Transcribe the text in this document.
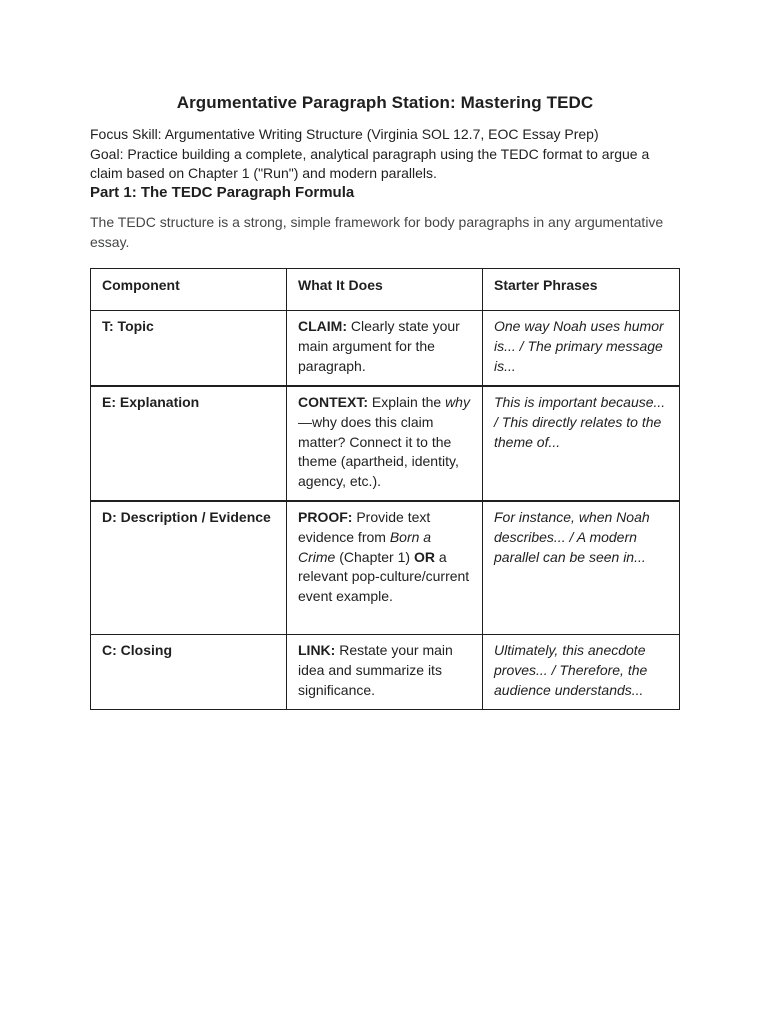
Argumentative Paragraph Station: Mastering TEDC
Focus Skill: Argumentative Writing Structure (Virginia SOL 12.7, EOC Essay Prep)
Goal: Practice building a complete, analytical paragraph using the TEDC format to argue a claim based on Chapter 1 ("Run") and modern parallels.
Part 1: The TEDC Paragraph Formula

The TEDC structure is a strong, simple framework for body paragraphs in any argumentative essay.

Component	What It Does	Starter Phrases
T: Topic	CLAIM: Clearly state your main argument for the paragraph.	One way Noah uses humor is... / The primary message is...
E: Explanation	CONTEXT: Explain the why—why does this claim matter? Connect it to the theme (apartheid, identity, agency, etc.).	This is important because... / This directly relates to the theme of...
D: Description / Evidence	PROOF: Provide text evidence from Born a Crime (Chapter 1) OR a relevant pop-culture/current event example.	For instance, when Noah describes... / A modern parallel can be seen in...
C: Closing	LINK: Restate your main idea and summarize its significance.	Ultimately, this anecdote proves... / Therefore, the audience understands...
